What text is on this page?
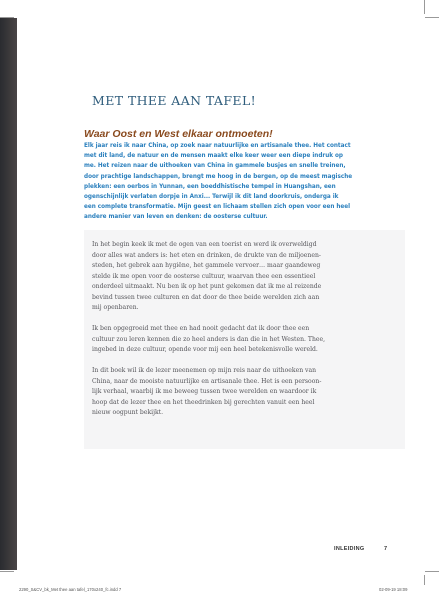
MET THEE AAN TAFEL!
Waar Oost en West elkaar ontmoeten!
Elk jaar reis ik naar China, op zoek naar natuurlijke en artisanale thee. Het contact
met dit land, de natuur en de mensen maakt elke keer weer een diepe indruk op
me. Het reizen naar de uithoeken van China in gammele busjes en snelle treinen,
door prachtige landschappen, brengt me hoog in de bergen, op de meest magische
plekken: een oerbos in Yunnan, een boeddhistische tempel in Huangshan, een
ogenschijnlijk verlaten dorpje in Anxi... Terwijl ik dit land doorkruis, onderga ik
een complete transformatie. Mijn geest en lichaam stellen zich open voor een heel
andere manier van leven en denken: de oosterse cultuur.

In het begin keek ik met de ogen van een toerist en werd ik overweldigd
door alles wat anders is: het eten en drinken, de drukte van de miljoenen-
steden, het gebrek aan hygiëne, het gammele vervoer… maar gaandeweg
stelde ik me open voor de oosterse cultuur, waarvan thee een essentieel
onderdeel uitmaakt. Nu ben ik op het punt gekomen dat ik me al reizende
bevind tussen twee culturen en dat door de thee beide werelden zich aan
mij openbaren.

Ik ben opgegroeid met thee en had nooit gedacht dat ik door thee een
cultuur zou leren kennen die zo heel anders is dan die in het Westen. Thee,
ingebed in deze cultuur, opende voor mij een heel betekenisvolle wereld.

In dit boek wil ik de lezer meenemen op mijn reis naar de uithoeken van
China, naar de mooiste natuurlijke en artisanale thee. Het is een persoon-
lijk verhaal, waarbij ik me beweeg tussen twee werelden en waardoor ik
hoop dat de lezer thee en het theedrinken bij gerechten vanuit een heel
nieuw oogpunt bekijkt.

INLEIDING	7
2290_S&CV_bk_Met thee aan tafel_170x240_fc.indd 7	02-09-19 18:09
